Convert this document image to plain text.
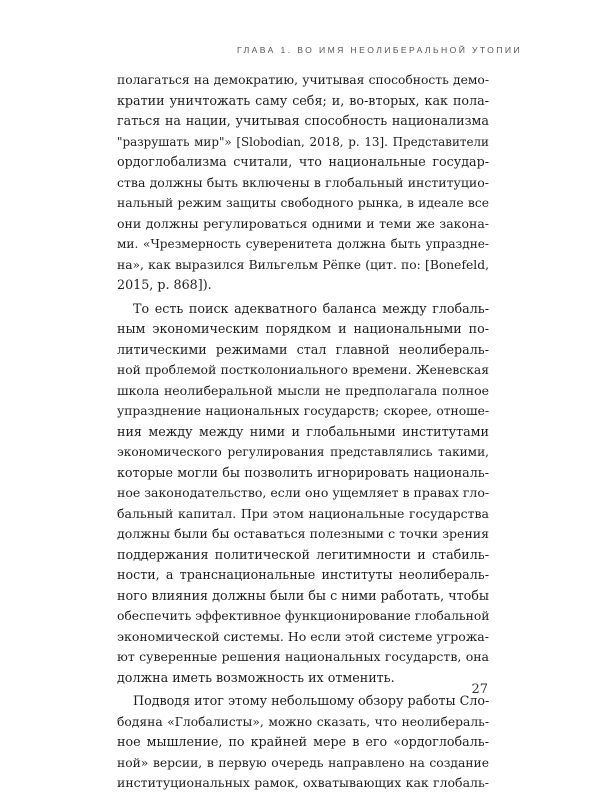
ГЛАВА 1. ВО ИМЯ НЕОЛИБЕРАЛЬНОЙ УТОПИИ
полагаться на демократию, учитывая способность демо-
кратии уничтожать саму себя; и, во-вторых, как пола-
гаться на нации, учитывая способность национализма
"разрушать мир"» [Slobodian, 2018, p. 13]. Представители
ордоглобализма считали, что национальные государ-
ства должны быть включены в глобальный институцио-
нальный режим защиты свободного рынка, в идеале все
они должны регулироваться одними и теми же законa-
ми. «Чрезмерность суверенитета должна быть упраздне-
на», как выразился Вильгельм Рёпке (цит. по: [Bonefeld,
2015, p. 868]).
То есть поиск адекватного баланса между глобаль-
ным экономическим порядком и национальными по-
литическими режимами стал главной неолибераль-
ной проблемой постколониального времени. Женевская
школа неолиберальной мысли не предполагала полное
упразднение национальных государств; скорее, отноше-
ния между между ними и глобальными институтами
экономического регулирования представлялись такими,
которые могли бы позволить игнорировать националь-
ное законодательство, если оно ущемляет в правах гло-
бальный капитал. При этом национальные государства
должны были бы оставаться полезными с точки зрения
поддержания политической легитимности и стабиль-
ности, а транснациональные институты неолибераль-
ного влияния должны были бы с ними работать, чтобы
обеспечить эффективное функционирование глобальной
экономической системы. Но если этой системе угрожа-
ют суверенные решения национальных государств, она
должна иметь возможность их отменить.
Подводя итог этому небольшому обзору работы Сло-
бодяна «Глобалисты», можно сказать, что неолибераль-
ное мышление, по крайней мере в его «ордоглобаль-
ной» версии, в первую очередь направлено на создание
институциональных рамок, охватывающих как глобаль-
27
